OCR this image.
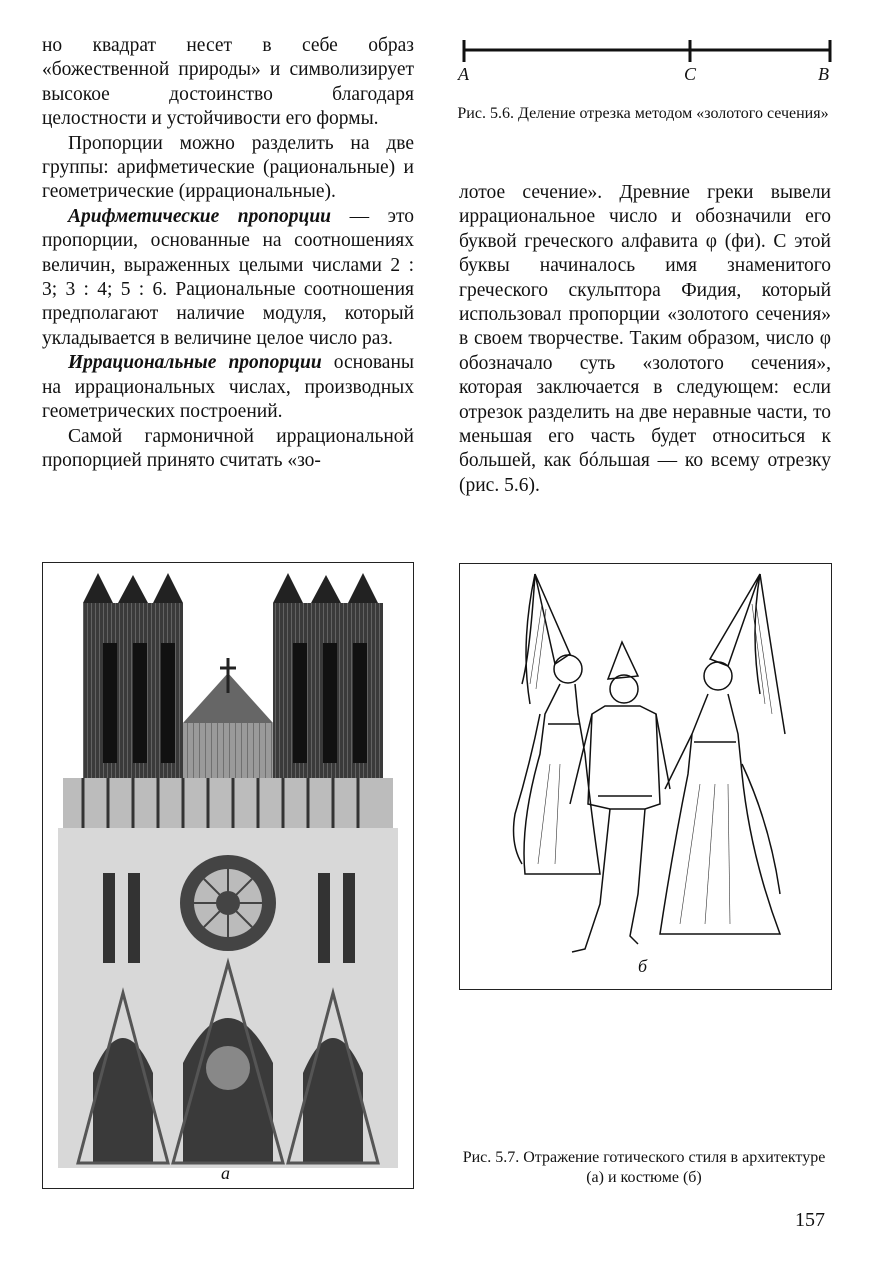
но квадрат несет в себе образ «божественной природы» и символизирует высокое достоинство благодаря целостности и устойчивости его формы.

Пропорции можно разделить на две группы: арифметические (рациональные) и геометрические (иррациональные).

Арифметические пропорции — это пропорции, основанные на соотношениях величин, выраженных целыми числами 2 : 3; 3 : 4; 5 : 6. Рациональные соотношения предполагают наличие модуля, который укладывается в величине целое число раз.

Иррациональные пропорции основаны на иррациональных числах, производных геометрических построений.

Самой гармоничной иррациональной пропорцией принято считать «зо-

A	C	B
Рис. 5.6. Деление отрезка методом «золотого сечения»

лотое сечение». Древние греки вывели иррациональное число и обозначили его буквой греческого алфавита φ (фи). С этой буквы начиналось имя знаменитого греческого скульптора Фидия, который использовал пропорции «золотого сечения» в своем творчестве. Таким образом, число φ обозначало суть «золотого сечения», которая заключается в следующем: если отрезок разделить на две неравные части, то меньшая его часть будет относиться к большей, как бóльшая — ко всему отрезку (рис. 5.6).

а
б
Рис. 5.7. Отражение готического стиля в архитектуре (а) и костюме (б)
157
